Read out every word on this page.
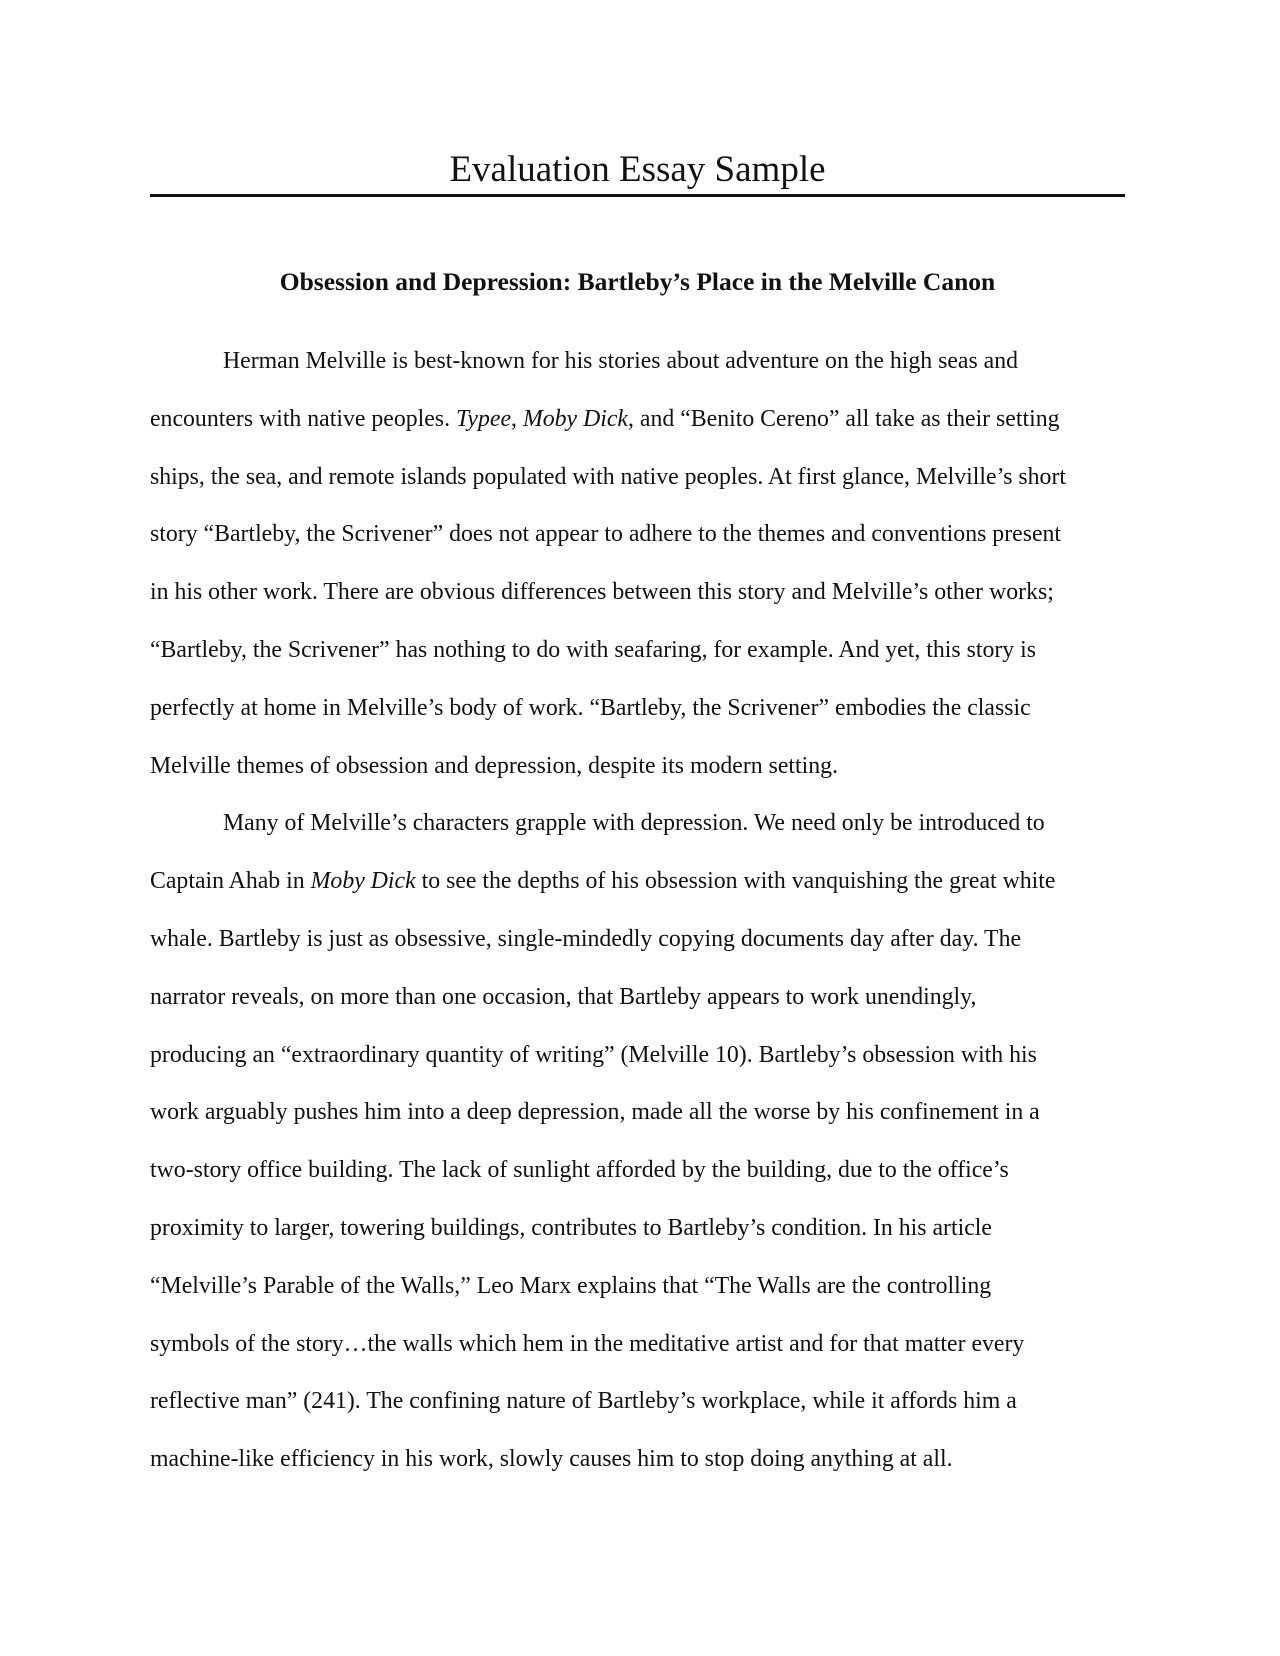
Evaluation Essay Sample
Obsession and Depression: Bartleby’s Place in the Melville Canon

Herman Melville is best-known for his stories about adventure on the high seas and
encounters with native peoples. Typee, Moby Dick, and “Benito Cereno” all take as their setting
ships, the sea, and remote islands populated with native peoples. At first glance, Melville’s short
story “Bartleby, the Scrivener” does not appear to adhere to the themes and conventions present
in his other work. There are obvious differences between this story and Melville’s other works;
“Bartleby, the Scrivener” has nothing to do with seafaring, for example. And yet, this story is
perfectly at home in Melville’s body of work. “Bartleby, the Scrivener” embodies the classic
Melville themes of obsession and depression, despite its modern setting.

Many of Melville’s characters grapple with depression. We need only be introduced to
Captain Ahab in Moby Dick to see the depths of his obsession with vanquishing the great white
whale. Bartleby is just as obsessive, single-mindedly copying documents day after day. The
narrator reveals, on more than one occasion, that Bartleby appears to work unendingly,
producing an “extraordinary quantity of writing” (Melville 10). Bartleby’s obsession with his
work arguably pushes him into a deep depression, made all the worse by his confinement in a
two-story office building. The lack of sunlight afforded by the building, due to the office’s
proximity to larger, towering buildings, contributes to Bartleby’s condition. In his article
“Melville’s Parable of the Walls,” Leo Marx explains that “The Walls are the controlling
symbols of the story…the walls which hem in the meditative artist and for that matter every
reflective man” (241). The confining nature of Bartleby’s workplace, while it affords him a
machine-like efficiency in his work, slowly causes him to stop doing anything at all.
